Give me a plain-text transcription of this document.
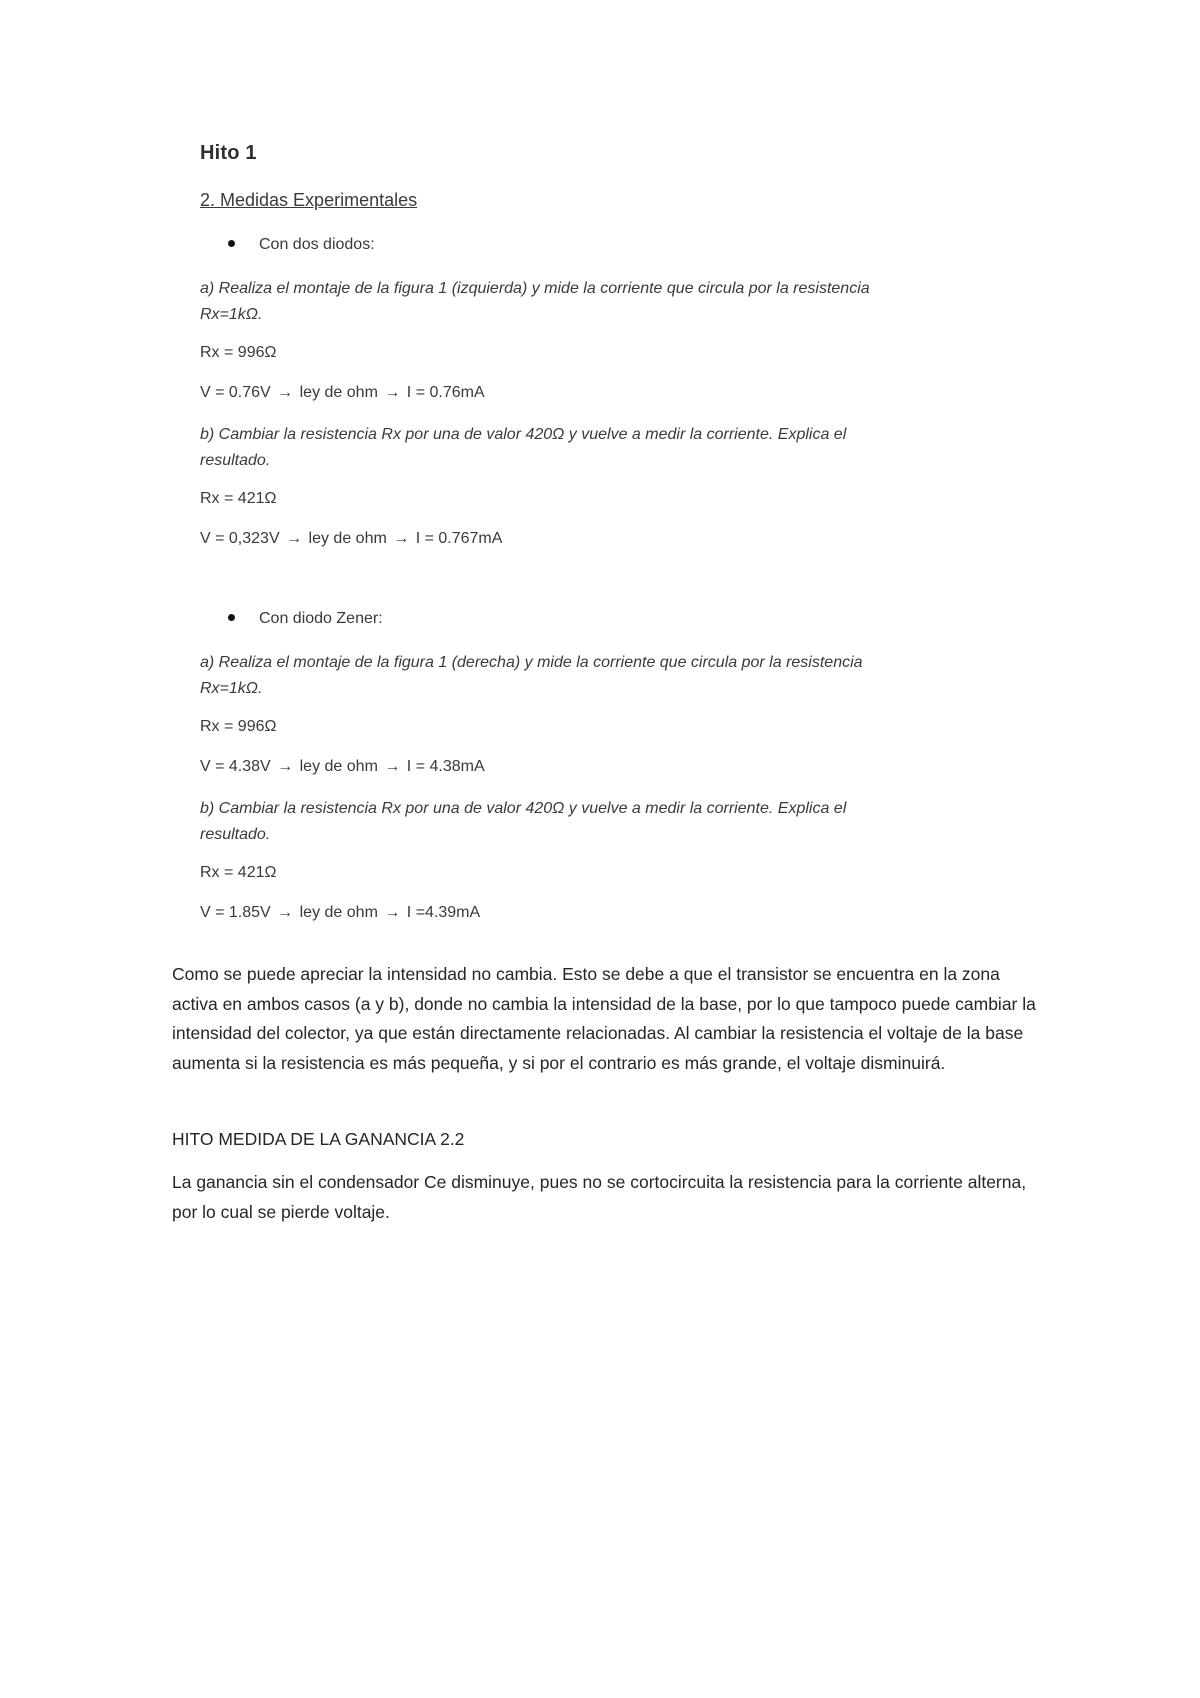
Hito 1
2. Medidas Experimentales
Con dos diodos:
a) Realiza el montaje de la figura 1 (izquierda) y mide la corriente que circula por la resistencia
Rx=1kΩ.
Rx = 996Ω
V = 0.76V → ley de ohm → I = 0.76mA
b) Cambiar la resistencia Rx por una de valor 420Ω y vuelve a medir la corriente. Explica el
resultado.
Rx = 421Ω
V = 0,323V → ley de ohm → I = 0.767mA
Con diodo Zener:
a) Realiza el montaje de la figura 1 (derecha) y mide la corriente que circula por la resistencia
Rx=1kΩ.
Rx = 996Ω
V = 4.38V → ley de ohm → I = 4.38mA
b) Cambiar la resistencia Rx por una de valor 420Ω y vuelve a medir la corriente. Explica el
resultado.
Rx = 421Ω
V = 1.85V → ley de ohm → I =4.39mA
Como se puede apreciar la intensidad no cambia. Esto se debe a que el transistor se encuentra en la zona activa en ambos casos (a y b), donde no cambia la intensidad de la base, por lo que tampoco puede cambiar la intensidad del colector, ya que están directamente relacionadas. Al cambiar la resistencia el voltaje de la base aumenta si la resistencia es más pequeña, y si por el contrario es más grande, el voltaje disminuirá.
HITO MEDIDA DE LA GANANCIA 2.2
La ganancia sin el condensador Ce disminuye, pues no se cortocircuita la resistencia para la corriente alterna, por lo cual se pierde voltaje.
